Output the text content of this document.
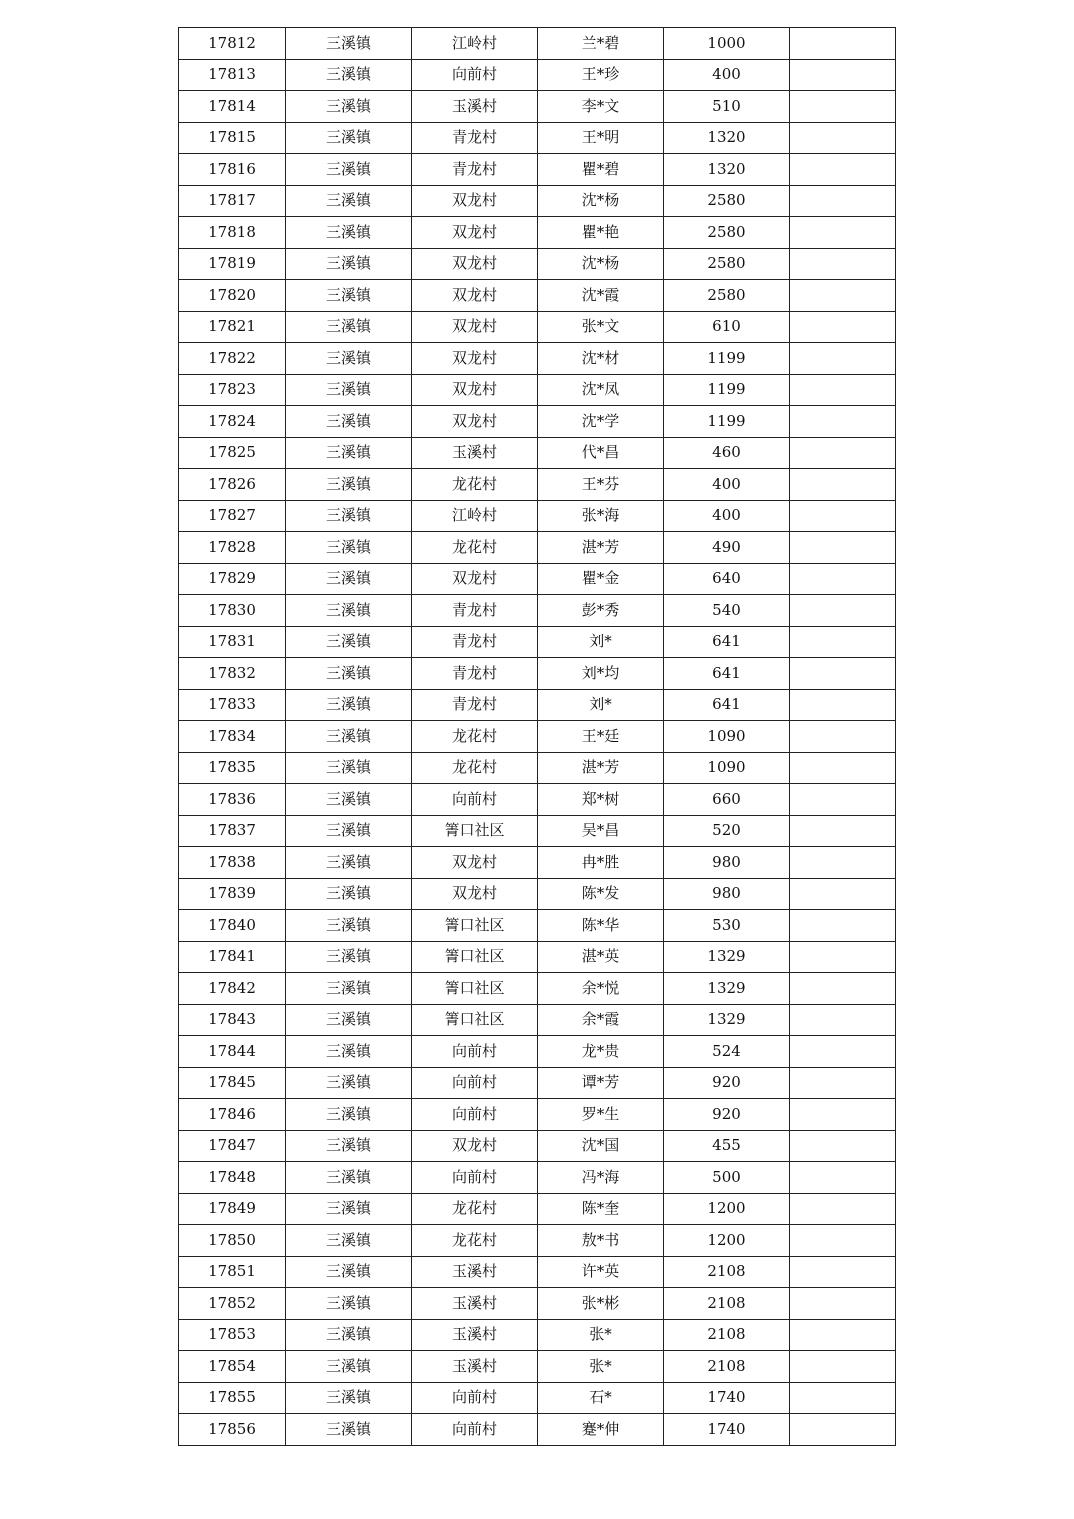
17812	三溪镇	江岭村	兰*碧	1000	
17813	三溪镇	向前村	王*珍	400	
17814	三溪镇	玉溪村	李*文	510	
17815	三溪镇	青龙村	王*明	1320	
17816	三溪镇	青龙村	瞿*碧	1320	
17817	三溪镇	双龙村	沈*杨	2580	
17818	三溪镇	双龙村	瞿*艳	2580	
17819	三溪镇	双龙村	沈*杨	2580	
17820	三溪镇	双龙村	沈*霞	2580	
17821	三溪镇	双龙村	张*文	610	
17822	三溪镇	双龙村	沈*材	1199	
17823	三溪镇	双龙村	沈*凤	1199	
17824	三溪镇	双龙村	沈*学	1199	
17825	三溪镇	玉溪村	代*昌	460	
17826	三溪镇	龙花村	王*芬	400	
17827	三溪镇	江岭村	张*海	400	
17828	三溪镇	龙花村	湛*芳	490	
17829	三溪镇	双龙村	瞿*金	640	
17830	三溪镇	青龙村	彭*秀	540	
17831	三溪镇	青龙村	刘*	641	
17832	三溪镇	青龙村	刘*均	641	
17833	三溪镇	青龙村	刘*	641	
17834	三溪镇	龙花村	王*廷	1090	
17835	三溪镇	龙花村	湛*芳	1090	
17836	三溪镇	向前村	郑*树	660	
17837	三溪镇	箐口社区	吴*昌	520	
17838	三溪镇	双龙村	冉*胜	980	
17839	三溪镇	双龙村	陈*发	980	
17840	三溪镇	箐口社区	陈*华	530	
17841	三溪镇	箐口社区	湛*英	1329	
17842	三溪镇	箐口社区	余*悦	1329	
17843	三溪镇	箐口社区	余*霞	1329	
17844	三溪镇	向前村	龙*贵	524	
17845	三溪镇	向前村	谭*芳	920	
17846	三溪镇	向前村	罗*生	920	
17847	三溪镇	双龙村	沈*国	455	
17848	三溪镇	向前村	冯*海	500	
17849	三溪镇	龙花村	陈*奎	1200	
17850	三溪镇	龙花村	敖*书	1200	
17851	三溪镇	玉溪村	许*英	2108	
17852	三溪镇	玉溪村	张*彬	2108	
17853	三溪镇	玉溪村	张*	2108	
17854	三溪镇	玉溪村	张*	2108	
17855	三溪镇	向前村	石*	1740	
17856	三溪镇	向前村	蹇*伸	1740	
